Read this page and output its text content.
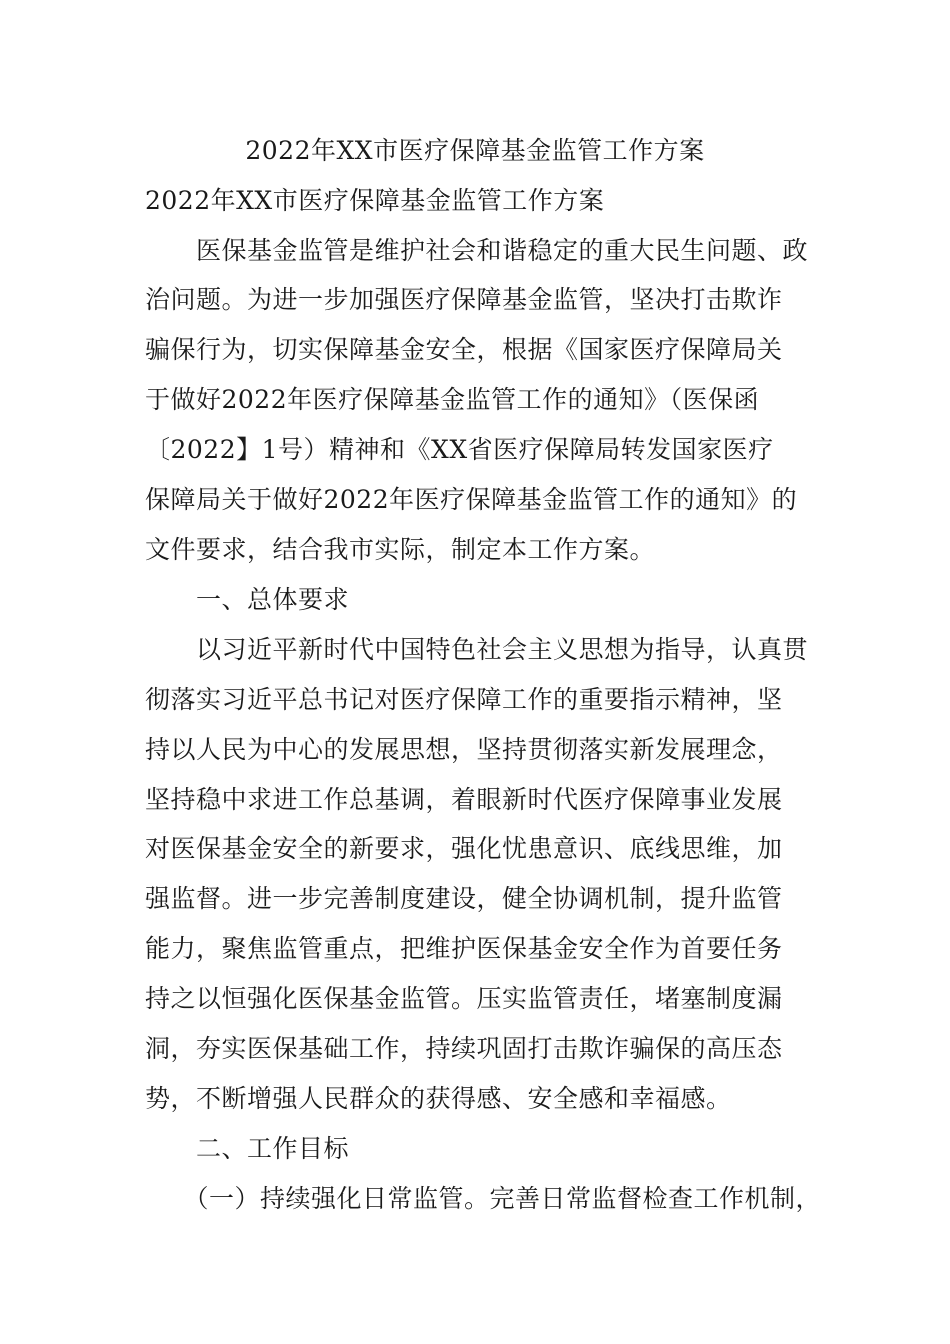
2022年XX市医疗保障基金监管工作方案
2022年XX市医疗保障基金监管工作方案
　　医保基金监管是维护社会和谐稳定的重大民生问题、政
治问题。为进一步加强医疗保障基金监管，坚决打击欺诈
骗保行为，切实保障基金安全，根据《国家医疗保障局关
于做好2022年医疗保障基金监管工作的通知》（医保函
〔2022】1号）精神和《XX省医疗保障局转发国家医疗
保障局关于做好2022年医疗保障基金监管工作的通知》的
文件要求，结合我市实际，制定本工作方案。
　　一、总体要求
　　以习近平新时代中国特色社会主义思想为指导，认真贯
彻落实习近平总书记对医疗保障工作的重要指示精神，坚
持以人民为中心的发展思想，坚持贯彻落实新发展理念，
坚持稳中求进工作总基调，着眼新时代医疗保障事业发展
对医保基金安全的新要求，强化忧患意识、底线思维，加
强监督。进一步完善制度建设，健全协调机制，提升监管
能力，聚焦监管重点，把维护医保基金安全作为首要任务
持之以恒强化医保基金监管。压实监管责任，堵塞制度漏
洞，夯实医保基础工作，持续巩固打击欺诈骗保的高压态
势，不断增强人民群众的获得感、安全感和幸福感。
　　二、工作目标
　　（一）持续强化日常监管。完善日常监督检查工作机制，
